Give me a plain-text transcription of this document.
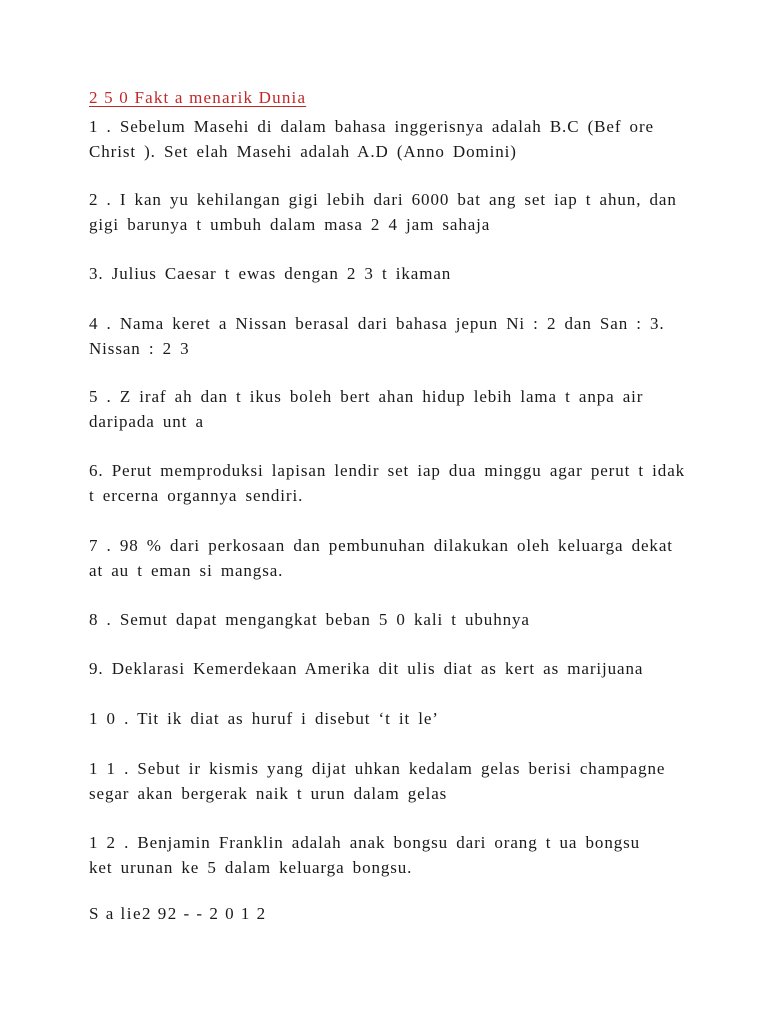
2 5 0 Fakt a menarik Dunia
1 . Sebelum Masehi di dalam bahasa inggerisnya adalah B.C (Bef ore
Christ ). Set elah Masehi adalah A.D (Anno Domini)
2 . I kan yu kehilangan gigi lebih dari 6000 bat ang set iap t ahun, dan
gigi barunya t umbuh dalam masa 2 4 jam sahaja
3. Julius Caesar t ewas dengan 2 3 t ikaman
4 . Nama keret a Nissan berasal dari bahasa jepun Ni : 2 dan San : 3.
Nissan : 2 3
5 . Z iraf ah dan t ikus boleh bert ahan hidup lebih lama t anpa air
daripada unt a
6. Perut memproduksi lapisan lendir set iap dua minggu agar perut t idak
t ercerna organnya sendiri.
7 . 98 % dari perkosaan dan pembunuhan dilakukan oleh keluarga dekat
at au t eman si mangsa.
8 . Semut dapat mengangkat beban 5 0 kali t ubuhnya
9. Deklarasi Kemerdekaan Amerika dit ulis diat as kert as marijuana
1 0 . Tit ik diat as huruf i disebut ‘t it le’
1 1 . Sebut ir kismis yang dijat uhkan kedalam gelas berisi champagne
segar akan bergerak naik t urun dalam gelas
1 2 . Benjamin Franklin adalah anak bongsu dari orang t ua bongsu
ket urunan ke 5 dalam keluarga bongsu.
S a lie2 92 - - 2 0 1 2
